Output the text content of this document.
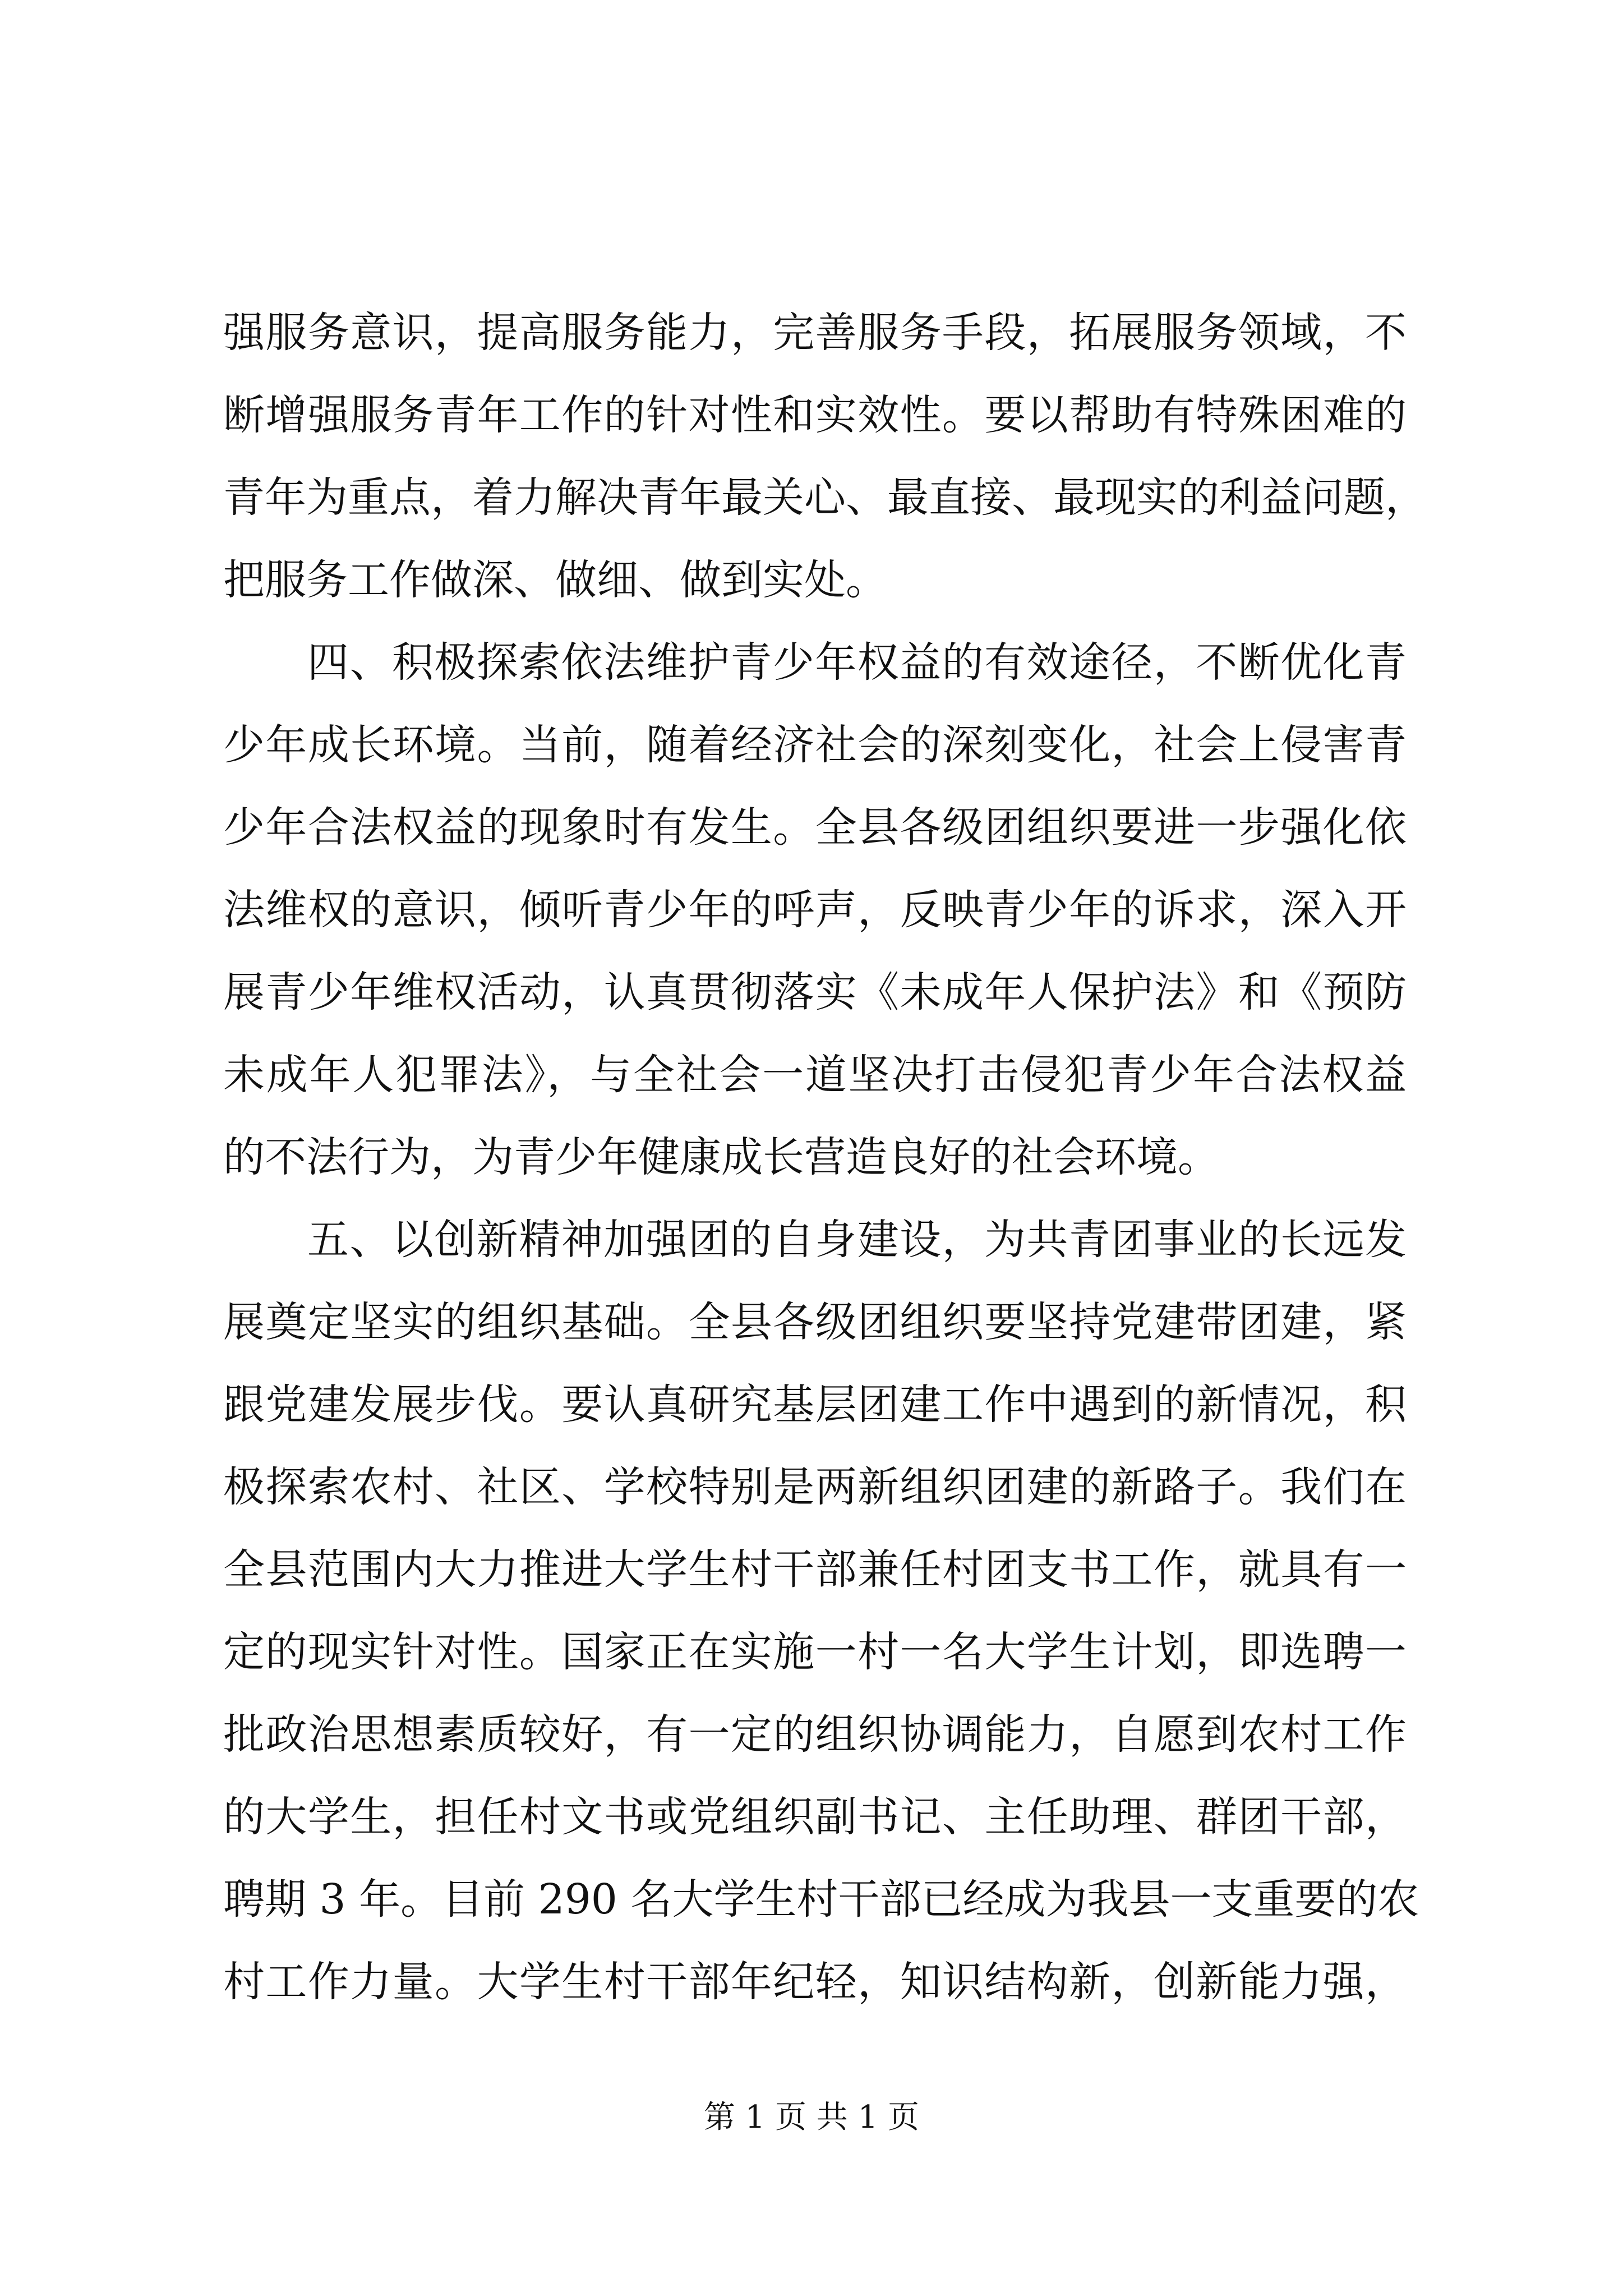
强服务意识，提高服务能力，完善服务手段，拓展服务领域，不

断增强服务青年工作的针对性和实效性。要以帮助有特殊困难的

青年为重点，着力解决青年最关心、最直接、最现实的利益问题，

把服务工作做深、做细、做到实处。

四、积极探索依法维护青少年权益的有效途径，不断优化青

少年成长环境。当前，随着经济社会的深刻变化，社会上侵害青

少年合法权益的现象时有发生。全县各级团组织要进一步强化依

法维权的意识，倾听青少年的呼声，反映青少年的诉求，深入开

展青少年维权活动，认真贯彻落实《未成年人保护法》和《预防

未成年人犯罪法》，与全社会一道坚决打击侵犯青少年合法权益

的不法行为，为青少年健康成长营造良好的社会环境。

五、以创新精神加强团的自身建设，为共青团事业的长远发

展奠定坚实的组织基础。全县各级团组织要坚持党建带团建，紧

跟党建发展步伐。要认真研究基层团建工作中遇到的新情况，积

极探索农村、社区、学校特别是两新组织团建的新路子。我们在

全县范围内大力推进大学生村干部兼任村团支书工作，就具有一

定的现实针对性。国家正在实施一村一名大学生计划，即选聘一

批政治思想素质较好，有一定的组织协调能力，自愿到农村工作

的大学生，担任村文书或党组织副书记、主任助理、群团干部，

聘期 3 年。目前 290 名大学生村干部已经成为我县一支重要的农

村工作力量。大学生村干部年纪轻，知识结构新，创新能力强，

第 1 页 共 1 页
